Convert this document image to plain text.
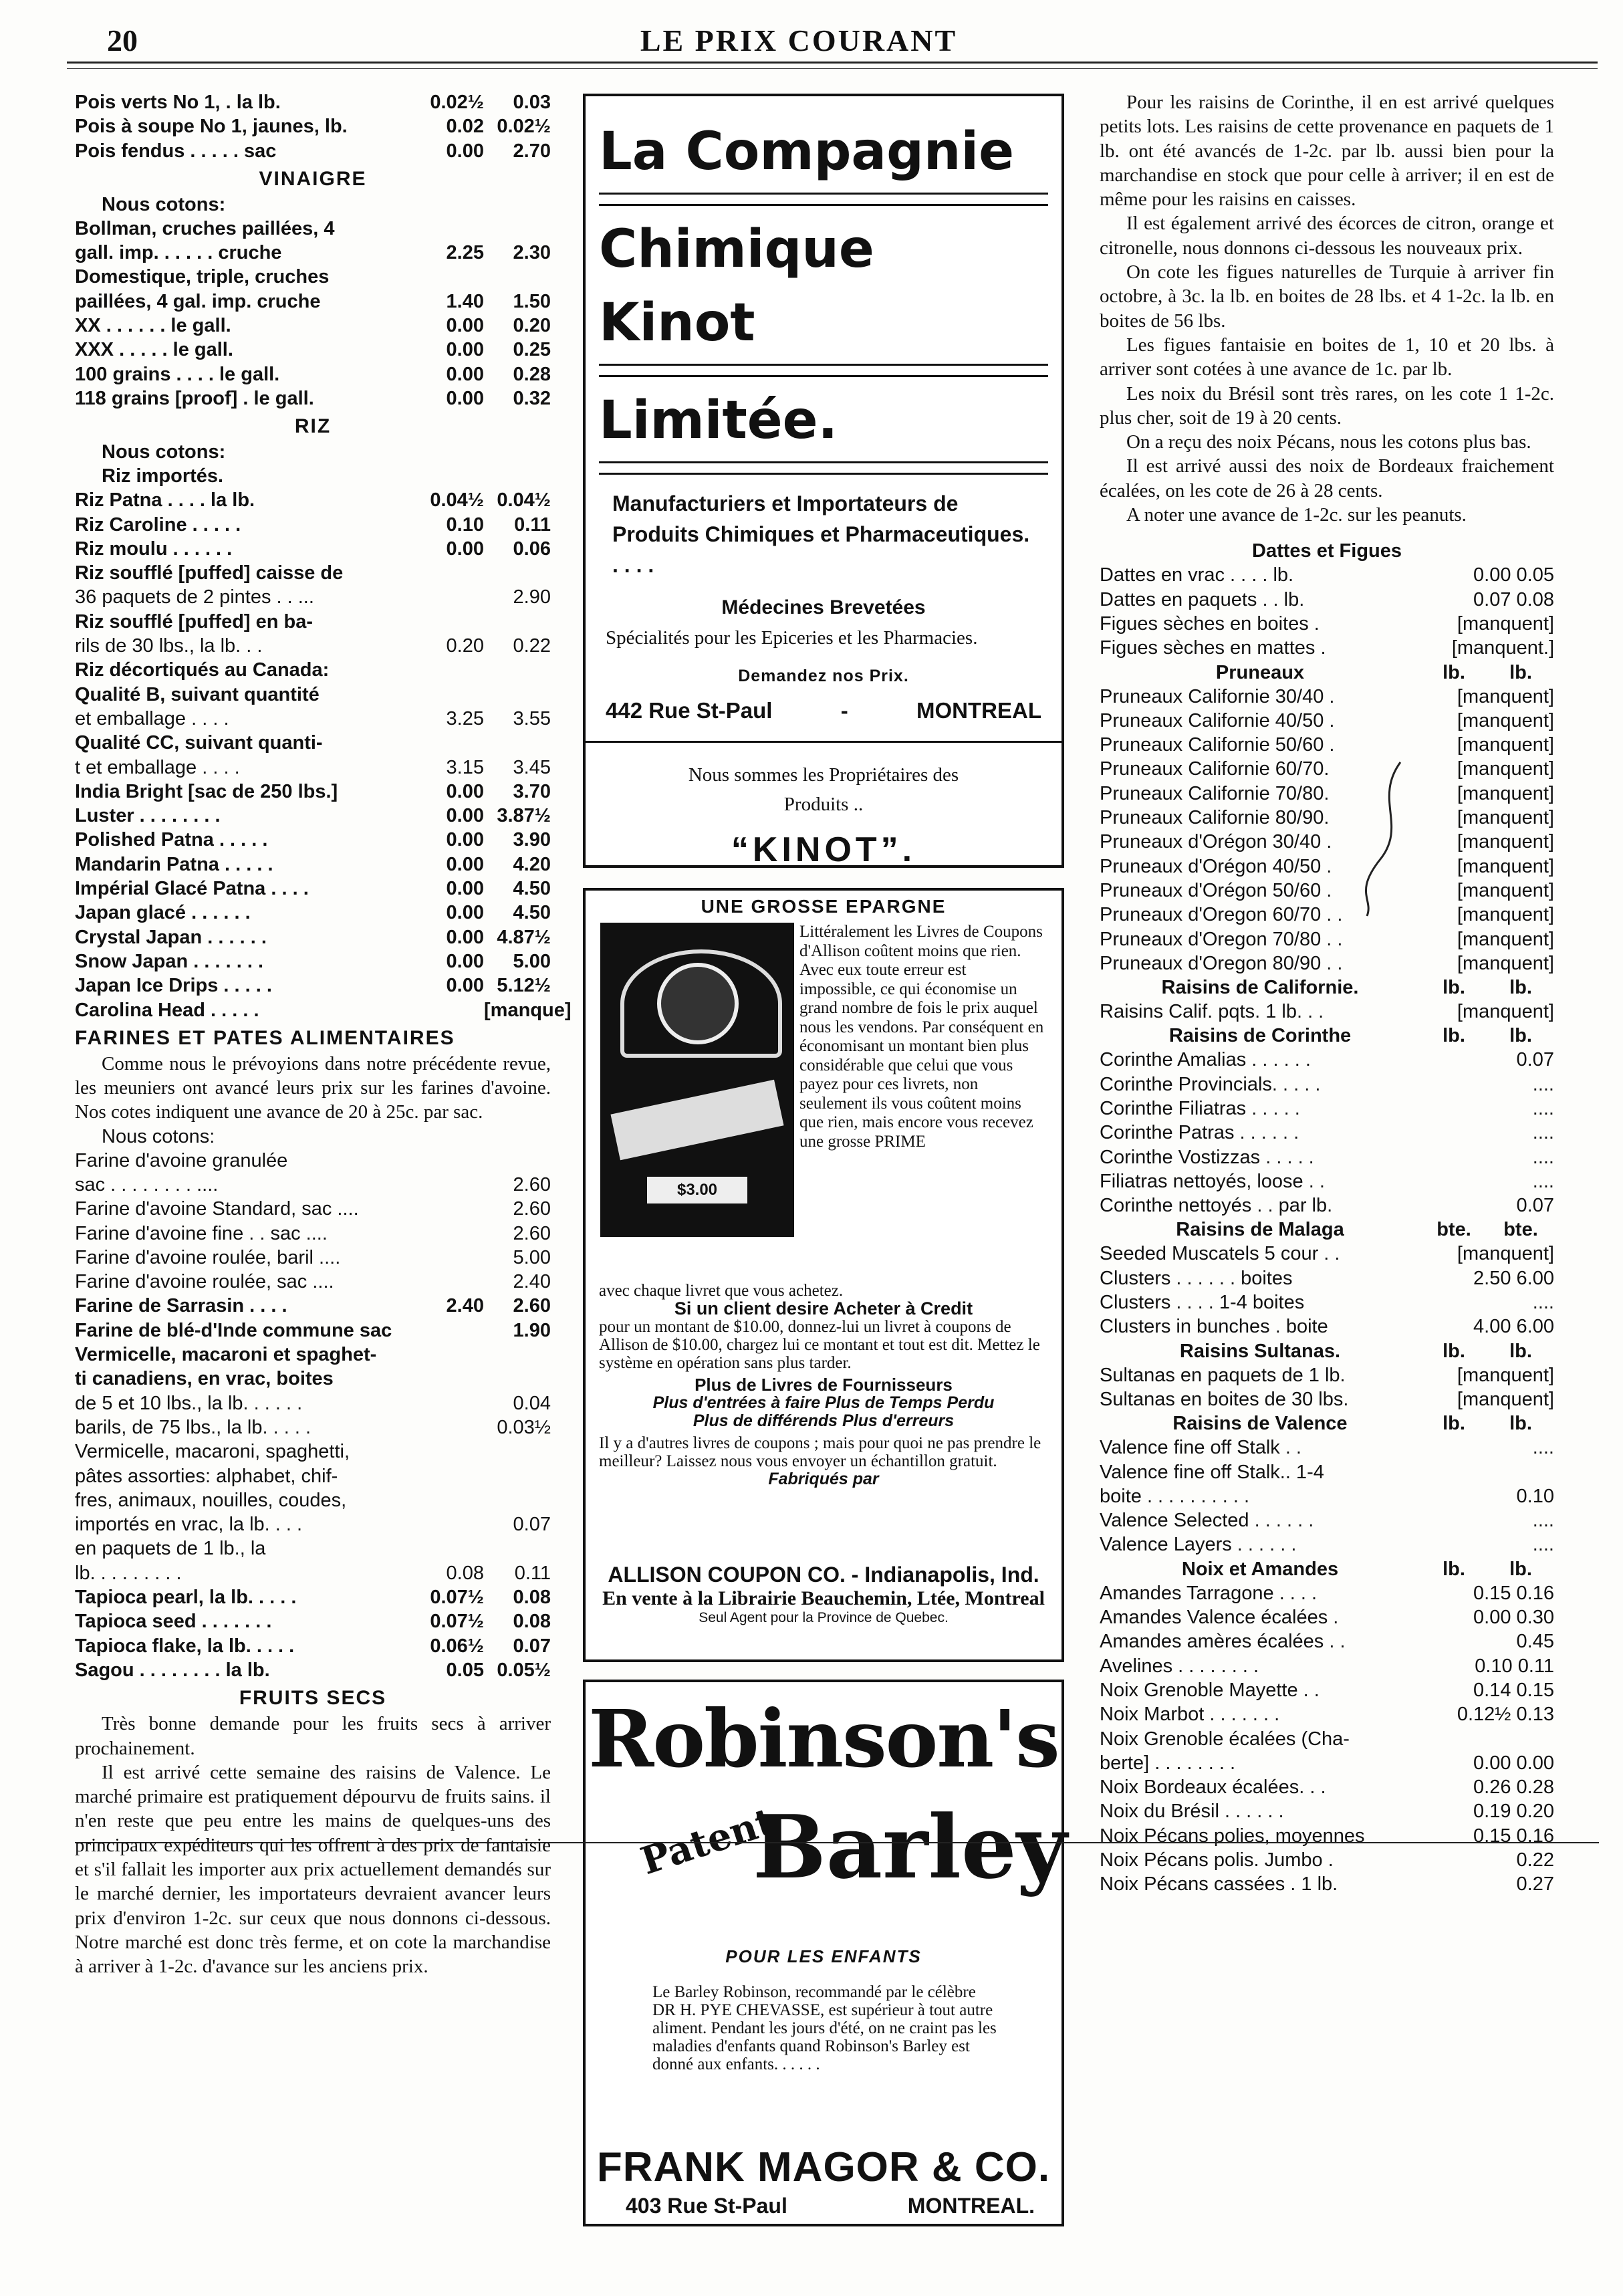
20	LE PRIX COURANT
Pois verts No 1, . la lb.	0.02½	0.03
Pois à soupe No 1, jaunes, lb.	0.02 0.02½
Pois fendus . . . . . sac	0.00	2.70
VINAIGRE
Nous cotons:
Bollman, cruches paillées, 4
gall. imp. . . . . . cruche	2.25	2.30
Domestique, triple, cruches
paillées, 4 gal. imp. cruche	1.40	1.50
XX . . . . . . le gall.	0.00	0.20
XXX . . . . . le gall.	0.00	0.25
100 grains . . . . le gall.	0.00	0.28
118 grains [proof] . le gall.	0.00	0.32
RIZ
Nous cotons:
Riz importés.
Riz Patna . . . . la lb.	0.04½ 0.04½
Riz Caroline . . . . .	0.10	0.11
Riz moulu . . . . . .	0.00	0.06
Riz soufflé [puffed] caisse de
36 paquets de 2 pintes . . ...	2.90
Riz soufflé [puffed] en ba-
rils de 30 lbs., la lb. . .	0.20	0.22
Riz décortiqués au Canada:
Qualité B, suivant quantité
et emballage . . . .	3.25	3.55
Qualité CC, suivant quanti-
t et emballage . . . .	3.15	3.45
India Bright [sac de 250 lbs.]	0.00	3.70
Luster . . . . . . . .	0.00 3.87½
Polished Patna . . . . .	0.00	3.90
Mandarin Patna . . . . .	0.00	4.20
Impérial Glacé Patna . . . .	0.00	4.50
Japan glacé . . . . . .	0.00	4.50
Crystal Japan . . . . . .	0.00 4.87½
Snow Japan . . . . . . .	0.00	5.00
Japan Ice Drips . . . . .	0.00 5.12½
Carolina Head . . . . .	[manque]
FARINES ET PATES ALIMENTAIRES
Comme nous le prévoyions dans notre précédente revue, les meuniers ont avancé leurs prix sur les farines d'avoine. Nos cotes indiquent une avance de 20 à 25c. par sac.
Nous cotons:
Farine d'avoine granulée
sac . . . . . . . . ....	2.60
Farine d'avoine Standard, sac ....	2.60
Farine d'avoine fine . . sac ....	2.60
Farine d'avoine roulée, baril ....	5.00
Farine d'avoine roulée, sac ....	2.40
Farine de Sarrasin . . . .	2.40	2.60
Farine de blé-d'Inde commune sac	1.90
Vermicelle, macaroni et spaghet-
ti canadiens, en vrac, boites
de 5 et 10 lbs., la lb. . . . . .	0.04
barils, de 75 lbs., la lb. . . . .	0.03½
Vermicelle, macaroni, spaghetti,
pâtes assorties: alphabet, chif-
fres, animaux, nouilles, coudes,
importés en vrac, la lb. . . .	0.07
en paquets de 1 lb., la
lb. . . . . . . . .	0.08	0.11
Tapioca pearl, la lb. . . . .	0.07½	0.08
Tapioca seed . . . . . . .	0.07½	0.08
Tapioca flake, la lb. . . . .	0.06½	0.07
Sagou . . . . . . . . la lb.	0.05 0.05½
FRUITS SECS
Très bonne demande pour les fruits secs à arriver prochainement.
Il est arrivé cette semaine des raisins de Valence. Le marché primaire est pratiquement dépourvu de fruits sains. il n'en reste que peu entre les mains de quelques-uns des principaux expéditeurs qui les offrent à des prix de fantaisie et s'il fallait les importer aux prix actuellement demandés sur le marché dernier, les importateurs devraient avancer leurs prix d'environ 1-2c. sur ceux que nous donnons ci-dessous. Notre marché est donc très ferme, et on cote la marchandise à arriver à 1-2c. d'avance sur les anciens prix.
La Compagnie
Chimique Kinot
Limitée.
Manufacturiers et Importateurs de Produits Chimiques et Pharmaceutiques. . . . .
Médecines Brevetées
Spécialités pour les Epiceries et les Pharmacies.
Demandez nos Prix.
442 Rue St-Paul	-	MONTREAL
Nous sommes les Propriétaires des Produits ..
“KINOT”.
UNE GROSSE EPARGNE
$3.00
Littéralement les Livres de Coupons d'Allison coûtent moins que rien. Avec eux toute erreur est impossible, ce qui économise un grand nombre de fois le prix auquel nous les vendons. Par conséquent en économisant un montant bien plus considérable que celui que vous payez pour ces livrets, non seulement ils vous coûtent moins que rien, mais encore vous recevez une grosse PRIME
avec chaque livret que vous achetez.
Si un client desire Acheter à Credit
pour un montant de $10.00, donnez-lui un livret à coupons de Allison de $10.00, chargez lui ce montant et tout est dit. Mettez le système en opération sans plus tarder.
Plus de Livres de Fournisseurs
Plus d'entrées à faire Plus de Temps Perdu
Plus de différends Plus d'erreurs
Il y a d'autres livres de coupons ; mais pour quoi ne pas prendre le meilleur? Laissez nous vous envoyer un échantillon gratuit.
Fabriqués par
ALLISON COUPON CO. - Indianapolis, Ind.
En vente à la Librairie Beauchemin, Ltée, Montreal
Seul Agent pour la Province de Quebec.
Robinson's
Patent
Barley
POUR LES ENFANTS
Le Barley Robinson, recommandé par le célèbre DR H. PYE CHEVASSE, est supérieur à tout autre aliment. Pendant les jours d'été, on ne craint pas les maladies d'enfants quand Robinson's Barley est donné aux enfants. . . . . .
FRANK MAGOR & CO.
403 Rue St-Paul	MONTREAL.
Pour les raisins de Corinthe, il en est arrivé quelques petits lots. Les raisins de cette provenance en paquets de 1 lb. ont été avancés de 1-2c. par lb. aussi bien pour la marchandise en stock que pour celle à arriver; il en est de même pour les raisins en caisses.
Il est également arrivé des écorces de citron, orange et citronelle, nous donnons ci-dessous les nouveaux prix.
On cote les figues naturelles de Turquie à arriver fin octobre, à 3c. la lb. en boites de 28 lbs. et 4 1-2c. la lb. en boites de 56 lbs.
Les figues fantaisie en boites de 1, 10 et 20 lbs. à arriver sont cotées à une avance de 1c. par lb.
Les noix du Brésil sont très rares, on les cote 1 1-2c. plus cher, soit de 19 à 20 cents.
On a reçu des noix Pécans, nous les cotons plus bas.
Il est arrivé aussi des noix de Bordeaux fraichement écalées, on les cote de 26 à 28 cents.
A noter une avance de 1-2c. sur les peanuts.
Dattes et Figues
Dattes en vrac . . . . lb.	0.00 0.05
Dattes en paquets . . lb.	0.07 0.08
Figues sèches en boites .	[manquent]
Figues sèches en mattes .	[manquent.]
Pruneaux	lb.	lb.
Pruneaux Californie 30/40 .	[manquent]
Pruneaux Californie 40/50 .	[manquent]
Pruneaux Californie 50/60 .	[manquent]
Pruneaux Californie 60/70.	[manquent]
Pruneaux Californie 70/80.	[manquent]
Pruneaux Californie 80/90.	[manquent]
Pruneaux d'Orégon 30/40 .	[manquent]
Pruneaux d'Orégon 40/50 .	[manquent]
Pruneaux d'Orégon 50/60 .	[manquent]
Pruneaux d'Oregon 60/70 . .	[manquent]
Pruneaux d'Oregon 70/80 . .	[manquent]
Pruneaux d'Oregon 80/90 . .	[manquent]
Raisins de Californie.	lb.	lb.
Raisins Calif. pqts. 1 lb. . .	[manquent]
Raisins de Corinthe	lb.	lb.
Corinthe Amalias . . . . . .	0.07
Corinthe Provincials. . . . .	....
Corinthe Filiatras . . . . .	....
Corinthe Patras . . . . . .	....
Corinthe Vostizzas . . . . .	....
Filiatras nettoyés, loose . .	....
Corinthe nettoyés . . par lb.	0.07
Raisins de Malaga	bte.	bte.
Seeded Muscatels 5 cour . .	[manquent]
Clusters . . . . . . boites	2.50 6.00
Clusters . . . . 1-4 boites	....
Clusters in bunches . boite	4.00 6.00
Raisins Sultanas.	lb.	lb.
Sultanas en paquets de 1 lb.	[manquent]
Sultanas en boites de 30 lbs.	[manquent]
Raisins de Valence	lb.	lb.
Valence fine off Stalk . .	....
Valence fine off Stalk.. 1-4
boite . . . . . . . . . .	0.10
Valence Selected . . . . . .	....
Valence Layers . . . . . .	....
Noix et Amandes	lb.	lb.
Amandes Tarragone . . . .	0.15 0.16
Amandes Valence écalées .	0.00 0.30
Amandes amères écalées . .	0.45
Avelines . . . . . . . .	0.10 0.11
Noix Grenoble Mayette . .	0.14 0.15
Noix Marbot . . . . . . .	0.12½ 0.13
Noix Grenoble écalées (Cha-
berte] . . . . . . . .	0.00 0.00
Noix Bordeaux écalées. . .	0.26 0.28
Noix du Brésil . . . . . .	0.19 0.20
Noix Pécans polies, moyennes	0.15 0.16
Noix Pécans polis. Jumbo .	0.22
Noix Pécans cassées . 1 lb.	0.27
